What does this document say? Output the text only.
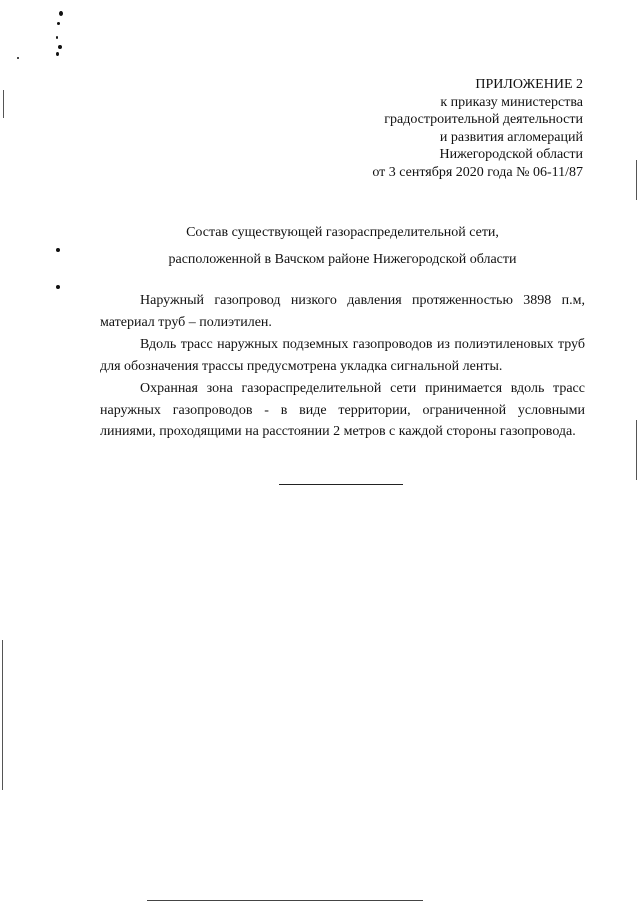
ПРИЛОЖЕНИЕ 2
к приказу министерства
градостроительной деятельности
и развития агломераций
Нижегородской области
от 3 сентября 2020 года № 06-11/87
Состав существующей газораспределительной сети,
расположенной в Вачском районе Нижегородской области

Наружный газопровод низкого давления протяженностью 3898 п.м, материал труб – полиэтилен.

Вдоль трасс наружных подземных газопроводов из полиэтиленовых труб для обозначения трассы предусмотрена укладка сигнальной ленты.

Охранная зона газораспределительной сети принимается вдоль трасс наружных газопроводов - в виде территории, ограниченной условными линиями, проходящими на расстоянии 2 метров с каждой стороны газопровода.
